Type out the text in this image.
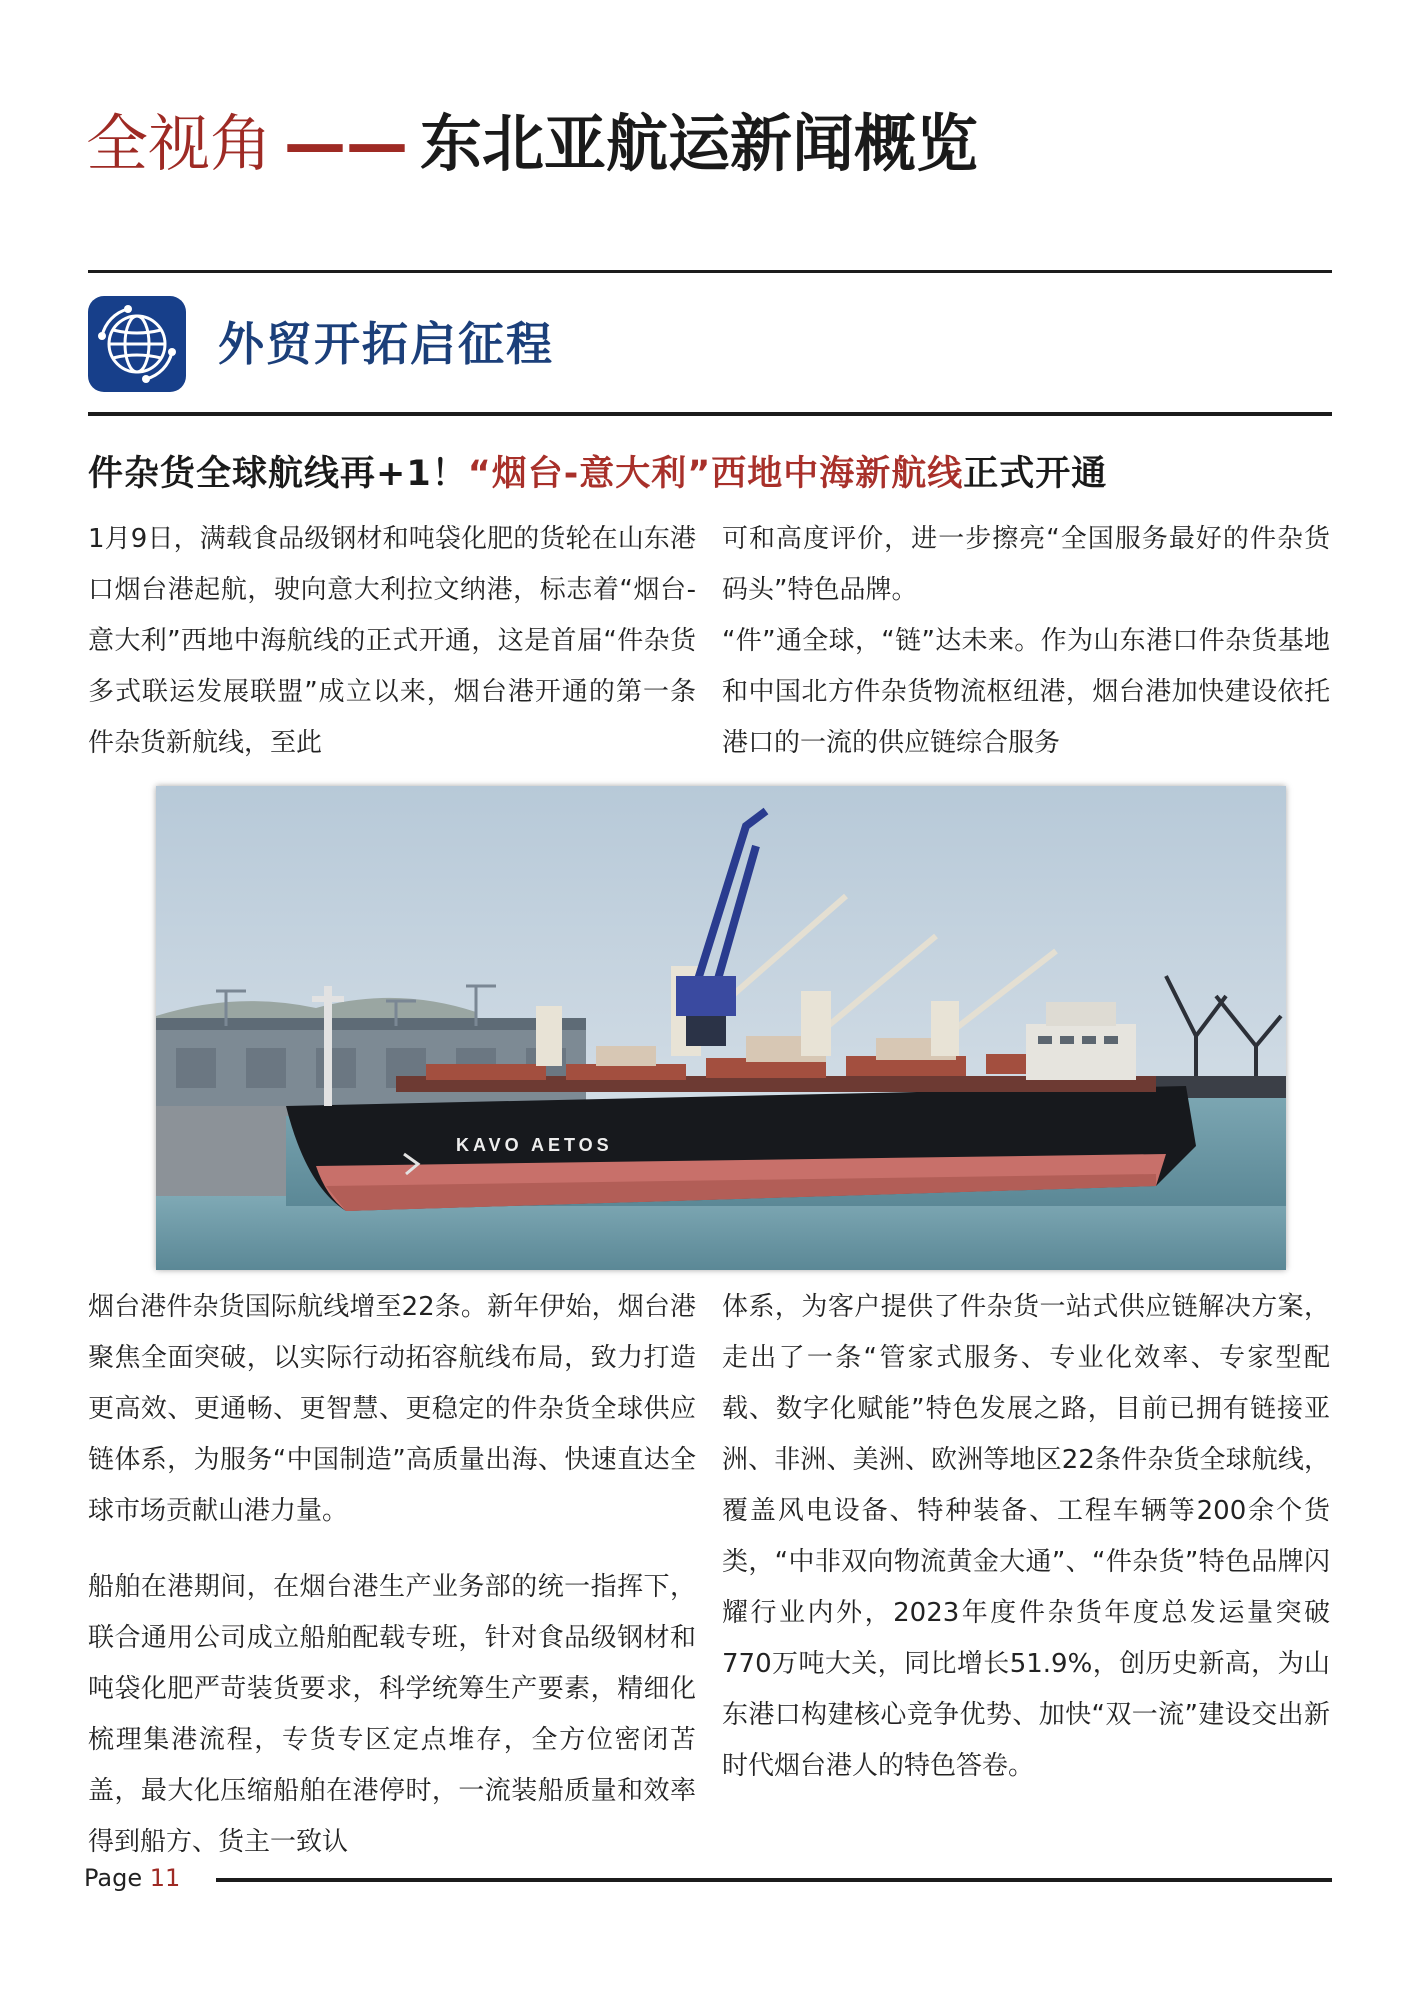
全视角 —— 东北亚航运新闻概览
外贸开拓启征程
件杂货全球航线再+1！“烟台-意大利”西地中海新航线正式开通

1月9日，满载食品级钢材和吨袋化肥的货轮在山东港口烟台港起航，驶向意大利拉文纳港，标志着“烟台-意大利”西地中海航线的正式开通，这是首届“件杂货多式联运发展联盟”成立以来，烟台港开通的第一条件杂货新航线，至此

可和高度评价，进一步擦亮“全国服务最好的件杂货码头”特色品牌。

“件”通全球，“链”达未来。作为山东港口件杂货基地和中国北方件杂货物流枢纽港，烟台港加快建设依托港口的一流的供应链综合服务

KAVO AETOS

烟台港件杂货国际航线增至22条。新年伊始，烟台港聚焦全面突破，以实际行动拓容航线布局，致力打造更高效、更通畅、更智慧、更稳定的件杂货全球供应链体系，为服务“中国制造”高质量出海、快速直达全球市场贡献山港力量。

船舶在港期间，在烟台港生产业务部的统一指挥下，联合通用公司成立船舶配载专班，针对食品级钢材和吨袋化肥严苛装货要求，科学统筹生产要素，精细化梳理集港流程，专货专区定点堆存，全方位密闭苫盖，最大化压缩船舶在港停时，一流装船质量和效率得到船方、货主一致认

体系，为客户提供了件杂货一站式供应链解决方案，走出了一条“管家式服务、专业化效率、专家型配载、数字化赋能”特色发展之路，目前已拥有链接亚洲、非洲、美洲、欧洲等地区22条件杂货全球航线，覆盖风电设备、特种装备、工程车辆等200余个货类，“中非双向物流黄金大通”、“件杂货”特色品牌闪耀行业内外，2023年度件杂货年度总发运量突破770万吨大关，同比增长51.9%，创历史新高，为山东港口构建核心竞争优势、加快“双一流”建设交出新时代烟台港人的特色答卷。

Page 11
